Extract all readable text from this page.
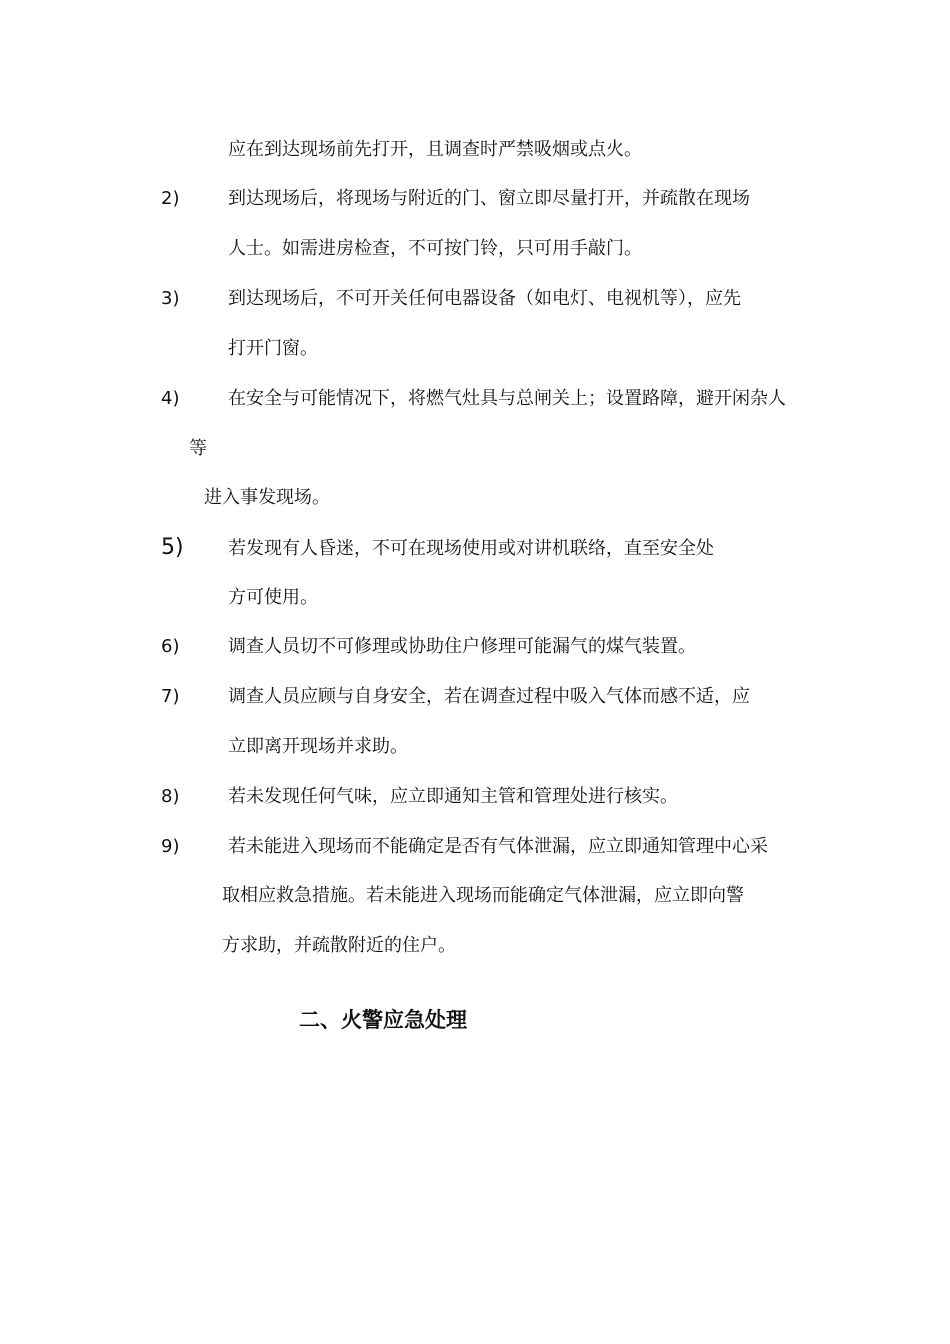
应在到达现场前先打开，且调查时严禁吸烟或点火。
2)	到达现场后，将现场与附近的门、窗立即尽量打开，并疏散在现场
人士。如需进房检查，不可按门铃，只可用手敲门。
3)	到达现场后，不可开关任何电器设备（如电灯、电视机等），应先
打开门窗。
4)	在安全与可能情况下，将燃气灶具与总闸关上；设置路障，避开闲杂人
等
进入事发现场。
5) 若发现有人昏迷，不可在现场使用或对讲机联络，直至安全处
方可使用。
6)	调查人员切不可修理或协助住户修理可能漏气的煤气装置。
7)	调查人员应顾与自身安全，若在调查过程中吸入气体而感不适，应
立即离开现场并求助。
8)	若未发现任何气味，应立即通知主管和管理处进行核实。
9)	若未能进入现场而不能确定是否有气体泄漏，应立即通知管理中心采
取相应救急措施。若未能进入现场而能确定气体泄漏，应立即向警
方求助，并疏散附近的住户。
二、火警应急处理
